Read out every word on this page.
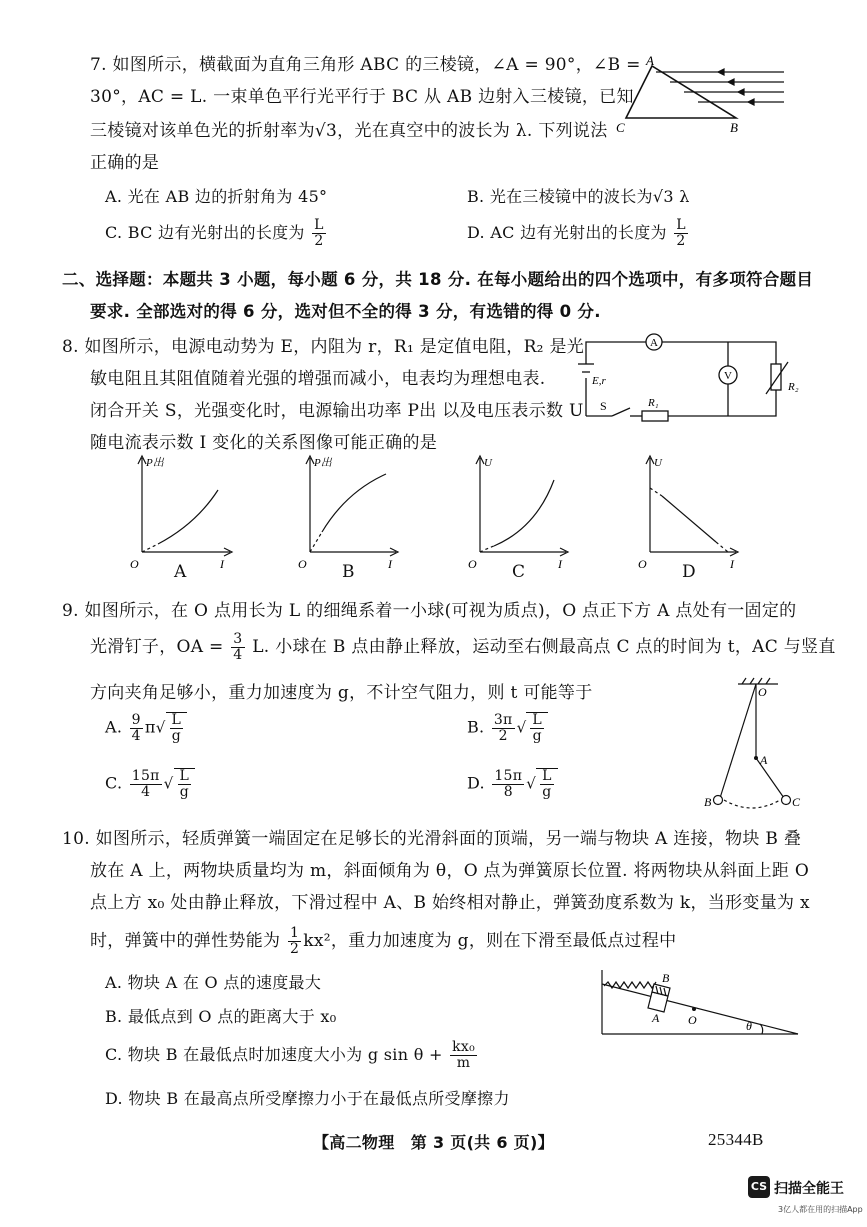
7. 如图所示，横截面为直角三角形 ABC 的三棱镜，∠A = 90°，∠B =
30°，AC = L. 一束单色平行光平行于 BC 从 AB 边射入三棱镜，已知
三棱镜对该单色光的折射率为√3，光在真空中的波长为 λ. 下列说法
正确的是
A
C	B
A. 光在 AB 边的折射角为 45°	B. 光在三棱镜中的波长为√3 λ
C. BC 边有光射出的长度为 $\frac{L}{2}$	D. AC 边有光射出的长度为 $\frac{L}{2}$
二、选择题：本题共 3 小题，每小题 6 分，共 18 分. 在每小题给出的四个选项中，有多项符合题目
要求. 全部选对的得 6 分，选对但不全的得 3 分，有选错的得 0 分.
8. 如图所示，电源电动势为 E，内阻为 r，R₁ 是定值电阻，R₂ 是光
敏电阻且其阻值随着光强的增强而减小，电表均为理想电表.
闭合开关 S，光强变化时，电源输出功率 P出 以及电压表示数 U
随电流表示数 I 变化的关系图像可能正确的是
A
V
E,r
S	R₁
R₂
P出
O	I
A
P出
O	I
B
U
O	I
C
U
O	I
D
9. 如图所示，在 O 点用长为 L 的细绳系着一小球(可视为质点)，O 点正下方 A 点处有一固定的
光滑钉子，OA = $\frac{3}{4} L$. 小球在 B 点由静止释放，运动至右侧最高点 C 点的时间为 t，AC 与竖直
方向夹角足够小，重力加速度为 g，不计空气阻力，则 t 可能等于
A. $\frac{9}{4} \pi√ \frac{L}{g}$	B. $\frac{3\pi}{2}$ √ $\frac{L}{g}$
C. $\frac{15\pi}{4}$ √ $\frac{L}{g}$	D. $\frac{15\pi}{8}$ √ $\frac{L}{g}$
O
A
B	C
10. 如图所示，轻质弹簧一端固定在足够长的光滑斜面的顶端，另一端与物块 A 连接，物块 B 叠
放在 A 上，两物块质量均为 m，斜面倾角为 θ，O 点为弹簧原长位置. 将两物块从斜面上距 O
点上方 x₀ 处由静止释放，下滑过程中 A、B 始终相对静止，弹簧劲度系数为 k，当形变量为 x
时，弹簧中的弹性势能为 $\frac{1}{2} kx^2$，重力加速度为 g，则在下滑至最低点过程中
A. 物块 A 在 O 点的速度最大
B. 最低点到 O 点的距离大于 x₀
C. 物块 B 在最低点时加速度大小为 g $\sin \theta + \frac{\text{kx₀}}{m}$
D. 物块 B 在最高点所受摩擦力小于在最低点所受摩擦力
B
A O	θ
【高二物理　第 3 页(共 6 页)】	25344B
CS 扫描全能王
3亿人都在用的扫描App
